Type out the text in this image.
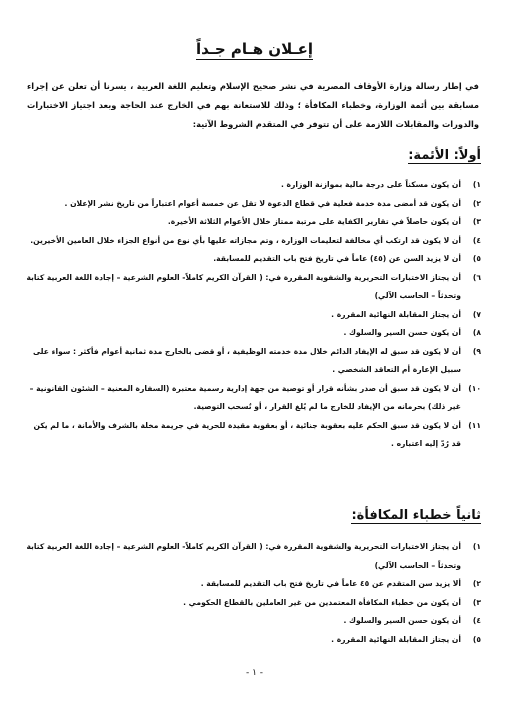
إعـلان هـام جـداً
في إطار رسالة وزارة الأوقاف المصرية في نشر صحيح الإسلام وتعليم اللغة العربية ، يسرنا أن تعلن عن إجراء مسابقة بين أئمة الوزارة، وخطباء المكافأة ؛ وذلك للاستعانة بهم في الخارج عند الحاجة وبعد اجتياز الاختبارات والدورات والمقابلات اللازمة على أن تتوفر في المتقدم الشروط الآتية:
أولاً: الأئمة:
١)
أن يكون مسكناً على درجة مالية بموازنة الوزارة .
٢)
أن يكون قد أمضى مدة خدمة فعلية في قطاع الدعوة لا تقل عن خمسة أعوام اعتباراً من تاريخ نشر الإعلان .
٣)
أن يكون حاصلاً في تقارير الكفاية على مرتبة ممتاز خلال الأعوام الثلاثة الأخيرة.
٤)
أن لا يكون قد ارتكب أي مخالفة لتعليمات الوزارة ، وتم مجازاته عليها بأي نوع من أنواع الجزاء خلال العامين الأخيرين.
٥)
أن لا يزيد السن عن (٤٥) عاماً في تاريخ فتح باب التقديم للمسابقة.
٦)
أن يجتاز الاختبارات التحريرية والشفوية المقررة في: ( القرآن الكريم كاملاً- العلوم الشرعية – إجادة اللغة العربية كتابة وتحدثاً – الحاسب الآلي)
٧)
أن يجتاز المقابلة النهائية المقررة .
٨)
أن يكون حسن السير والسلوك .
٩)
أن لا يكون قد سبق له الإيفاد الدائم خلال مدة خدمته الوظيفية ، أو قضى بالخارج مدة ثمانية أعوام فأكثر : سواء على سبيل الإعارة أم التعاقد الشخصي .
١٠)
أن لا يكون قد سبق أن صدر بشأنه قرار أو توصية من جهة إدارية رسمية معتبرة (السفارة المعنية – الشئون القانونية – غير ذلك) بحرمانه من الإيفاد للخارج ما لم يُلغ القرار ، أو تُسحب التوصية.
١١)
أن لا يكون قد سبق الحكم عليه بعقوبة جنائية ، أو بعقوبة مقيدة للحرية في جريمة مخلة بالشرف والأمانة ، ما لم يكن قد رُدّ إليه اعتباره .
ثانياً خطباء المكافأة:
١)
أن يجتاز الاختبارات التحريرية والشفوية المقررة في: ( القرآن الكريم كاملاً- العلوم الشرعية – إجادة اللغة العربية كتابة وتحدثاً – الحاسب الآلي)
٢)
ألا يزيد سن المتقدم عن ٤٥ عاماً في تاريخ فتح باب التقديم للمسابقة .
٣)
أن يكون من خطباء المكافأة المعتمدين من غير العاملين بالقطاع الحكومي .
٤)
أن يكون حسن السير والسلوك .
٥)
أن يجتاز المقابلة النهائية المقررة .
- ١ -
